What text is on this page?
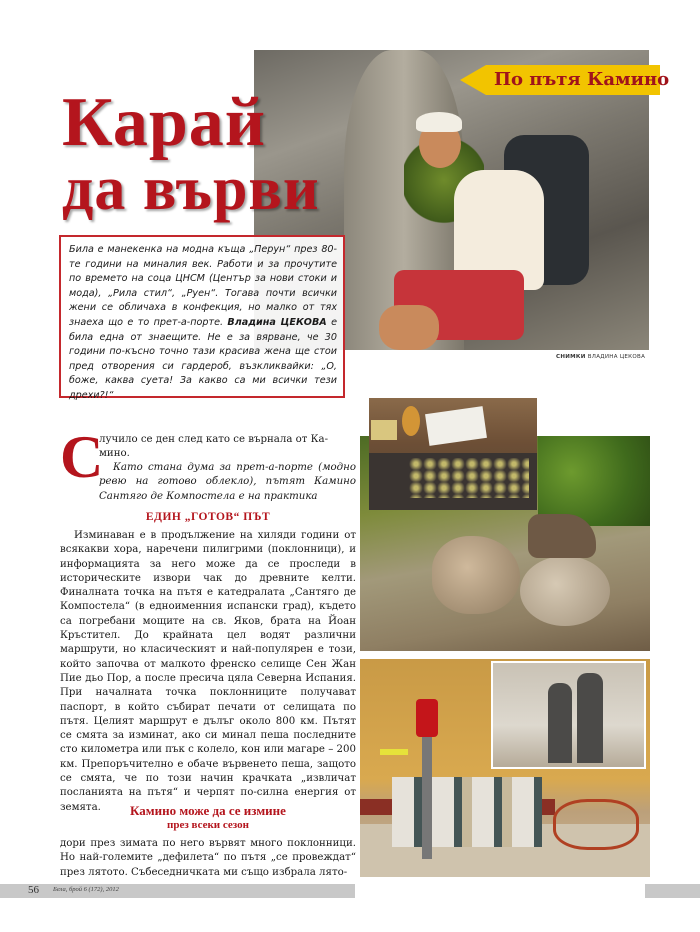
По пътя Камино
Карай
да върви
Била е манекенка на модна къща „Перун“ през 80-те години на миналия век. Работи и за прочутите по времето на соца ЦНСМ (Център за нови стоки и мода), „Рила стил“, „Руен“. Тогава почти всички жени се обличаха в конфекция, но малко от тях знаеха що е то прет-а-порте. Владина ЦЕКОВА е била една от знаещите. Не е за вярване, че 30 години по-късно точно тази красива жена ще стои пред отворения си гардероб, възкликвайки: „О, боже, каква суета! За какво са ми всички тези дрехи?!“
СНИМКИ ВЛАДИНА ЦЕКОВА
С
лучило се ден след като се върнала от Ка-
мино.
Като стана дума за прет-а-порте (модно ревю на готово облекло), пътят Камино Сантяго де Компостела е на практика
ЕДИН „ГОТОВ“ ПЪТ
Изминаван е в продължение на хиляди години от всякакви хора, наречени пилигрими (поклонници), и информацията за него може да се проследи в историческите извори чак до древните келти. Финалната точка на пътя е катедралата „Сантяго де Компостела“ (в едноименния испански град), където са погребани мощите на св. Яков, брата на Йоан Кръстител. До крайната цел водят различни маршрути, но класическият и най-популярен е този, който започва от малкото френско селище Сен Жан Пие дьо Пор, а после пресича цяла Северна Испания. При началната точка поклонниците получават паспорт, в който събират печати от селищата по пътя. Целият маршрут е дълъг около 800 км. Пътят се смята за изминат, ако си минал пеша последните сто километра или пък с колело, кон или магаре – 200 км. Препоръчително е обаче вървенето пеша, защото се смята, че по този начин крачката „извличат посланията на пътя“ и черпят по-силна енергия от земята.	Камино може да се измине
през всеки сезон
дори през зимата по него вървят много поклонници. Но най-големите „дефилета“ по пътя „се провеждат“ през лятото. Събеседничката ми също избрала лято-
56 Бела, брой 6 (172), 2012
